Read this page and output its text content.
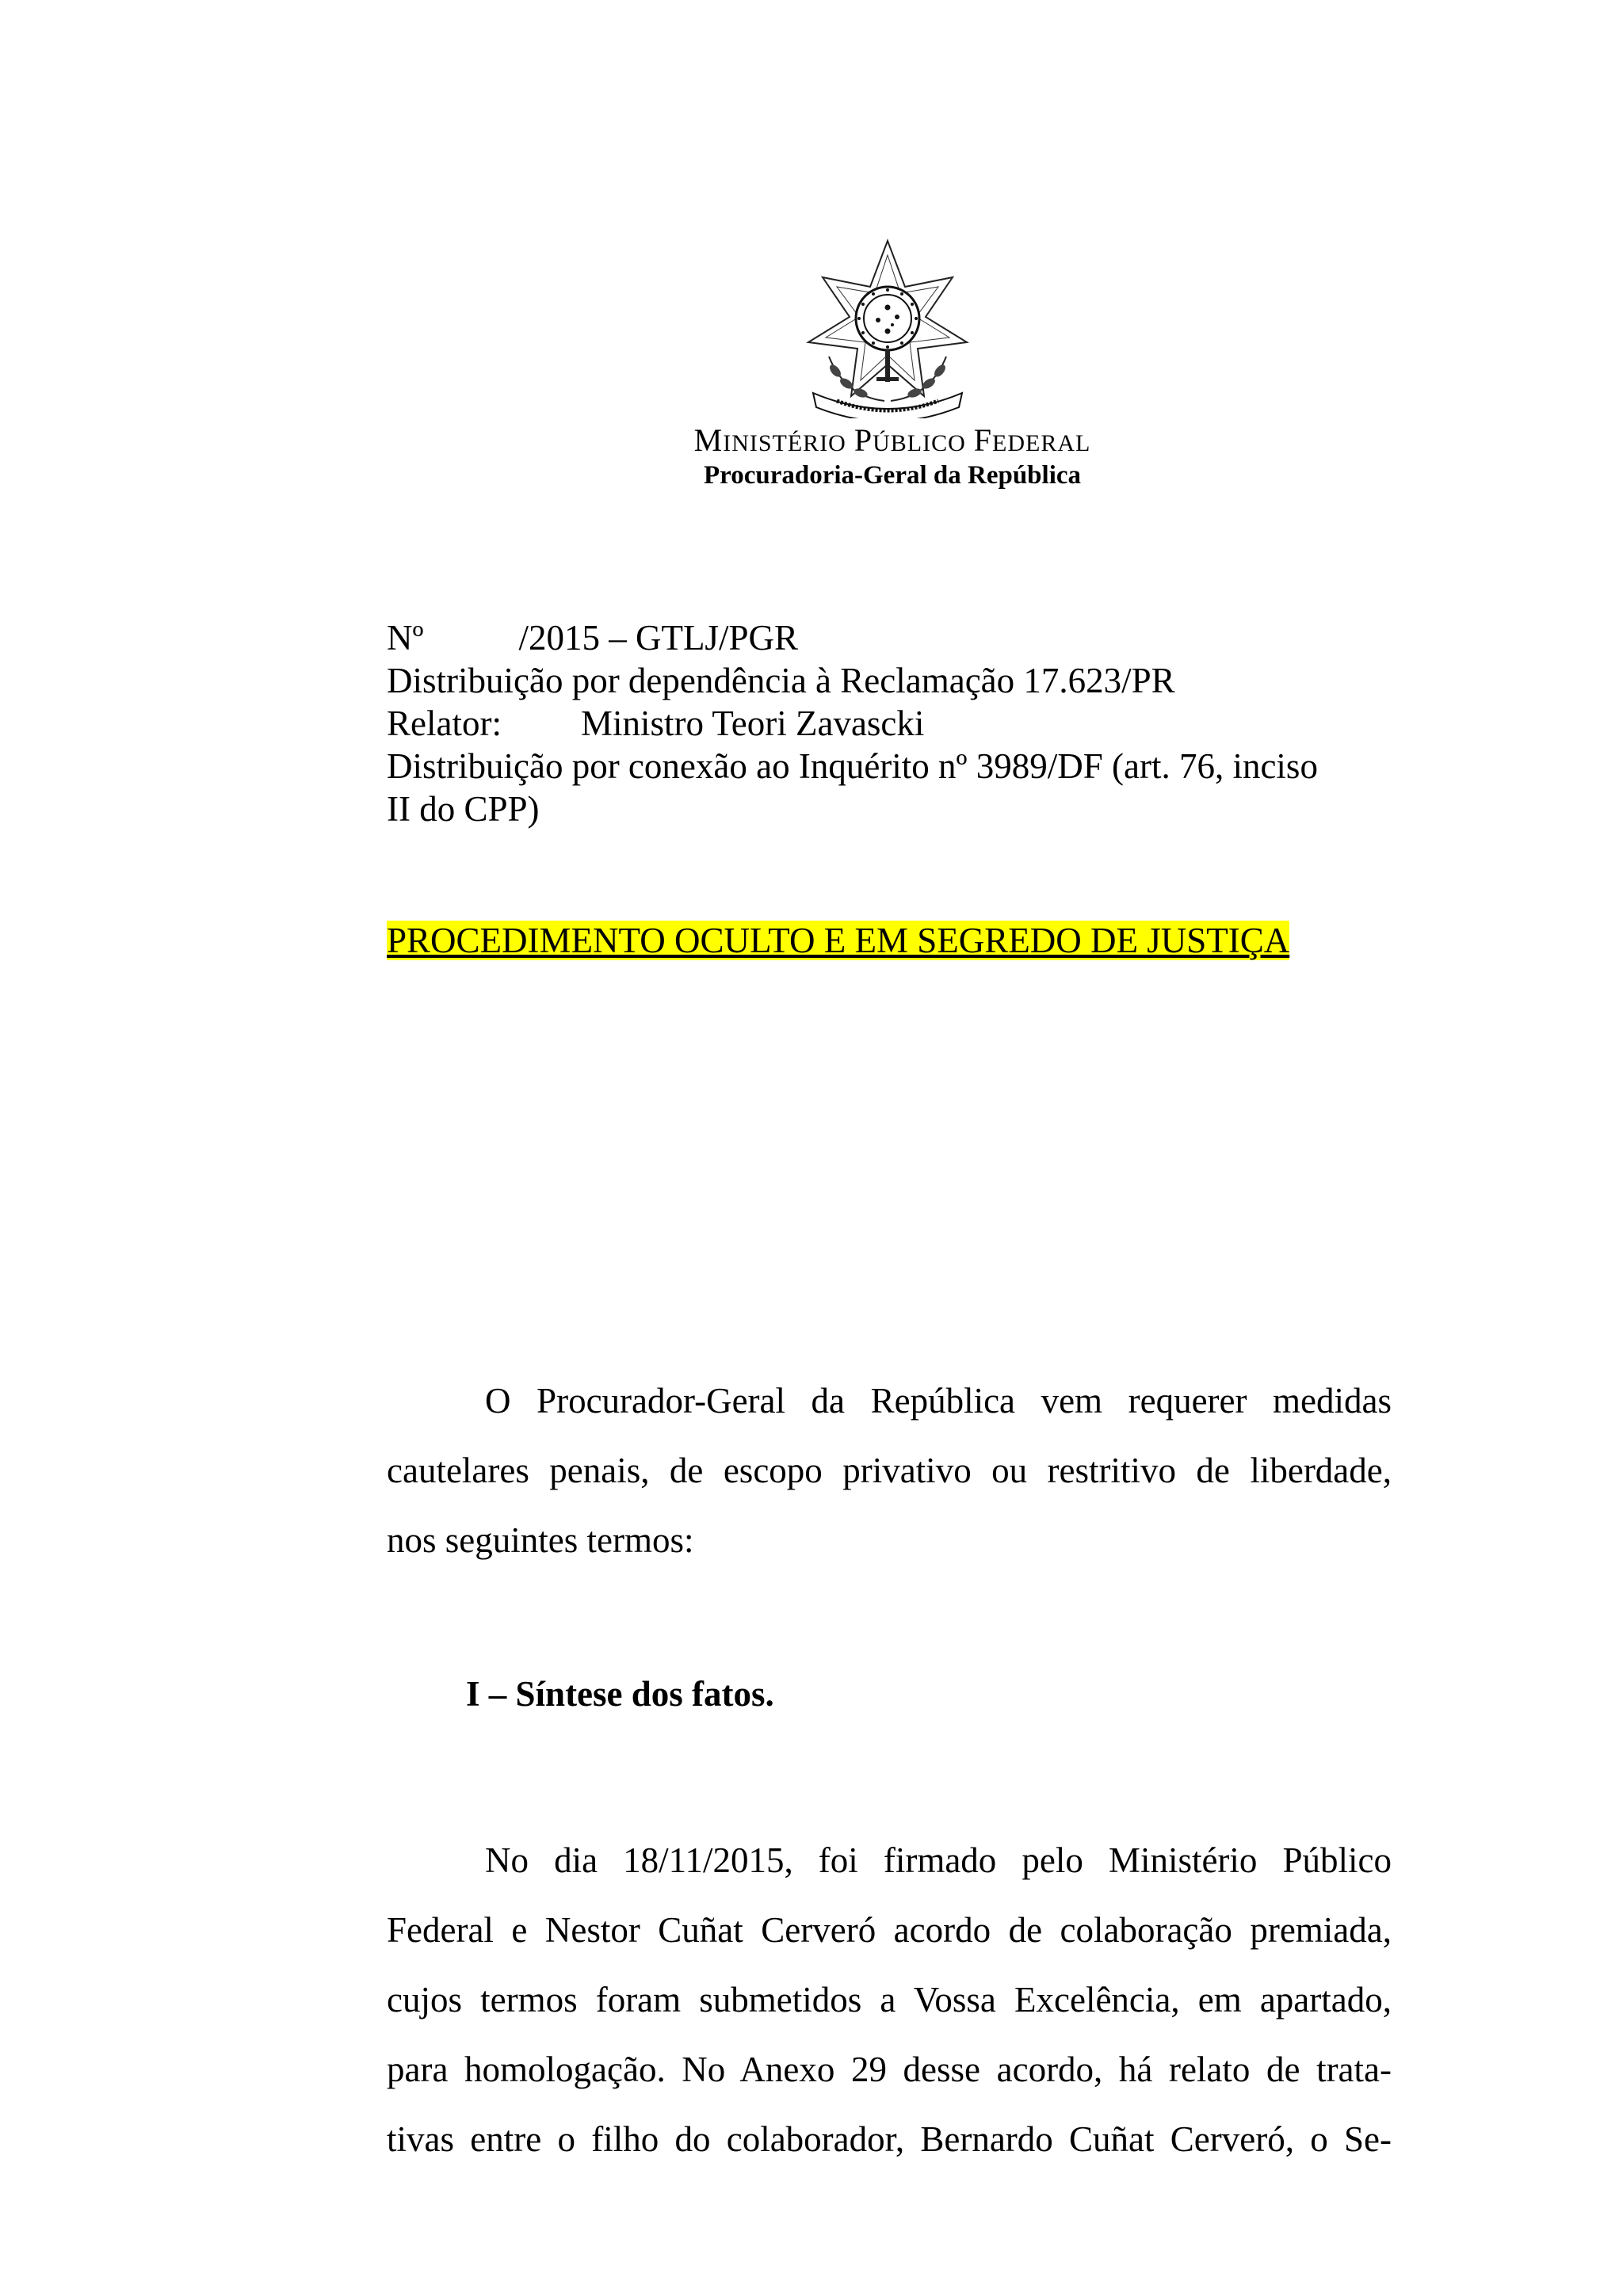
MINISTÉRIO PÚBLICO FEDERAL
Procuradoria-Geral da República
Nº	/2015 – GTLJ/PGR
Distribuição por dependência à Reclamação 17.623/PR
Relator: Ministro Teori Zavascki
Distribuição por conexão ao Inquérito nº 3989/DF (art. 76, inciso
II do CPP)
PROCEDIMENTO OCULTO E EM SEGREDO DE JUSTIÇA
O Procurador-Geral da República vem requerer medidas
cautelares penais, de escopo privativo ou restritivo de liberdade,
nos seguintes termos:
I – Síntese dos fatos.
No dia 18/11/2015, foi firmado pelo Ministério Público
Federal e Nestor Cuñat Cerveró acordo de colaboração premiada,
cujos termos foram submetidos a Vossa Excelência, em apartado,
para homologação. No Anexo 29 desse acordo, há relato de trata-
tivas entre o filho do colaborador, Bernardo Cuñat Cerveró, o Se-
